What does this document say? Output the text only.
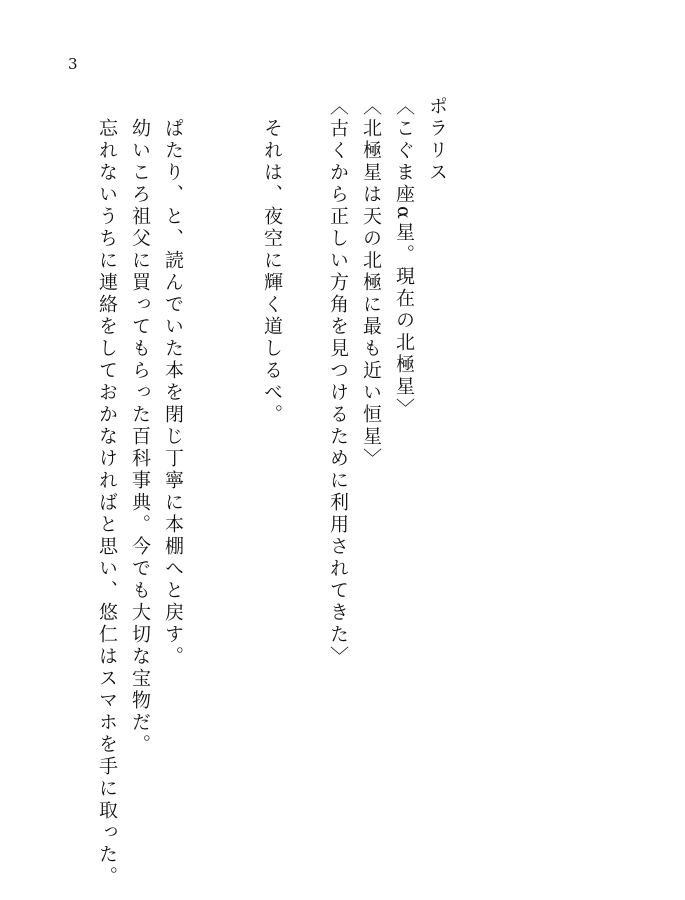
3
ポラリス
〈こぐま座α星。現在の北極星〉
〈北極星は天の北極に最も近い恒星〉
〈古くから正しい方角を見つけるために利用されてきた〉
それは、夜空に輝く道しるべ。
ぱたり、と、読んでいた本を閉じ丁寧に本棚へと戻す。
幼いころ祖父に買ってもらった百科事典。今でも大切な宝物だ。
忘れないうちに連絡をしておかなければと思い、悠仁はスマホを手に取った。
